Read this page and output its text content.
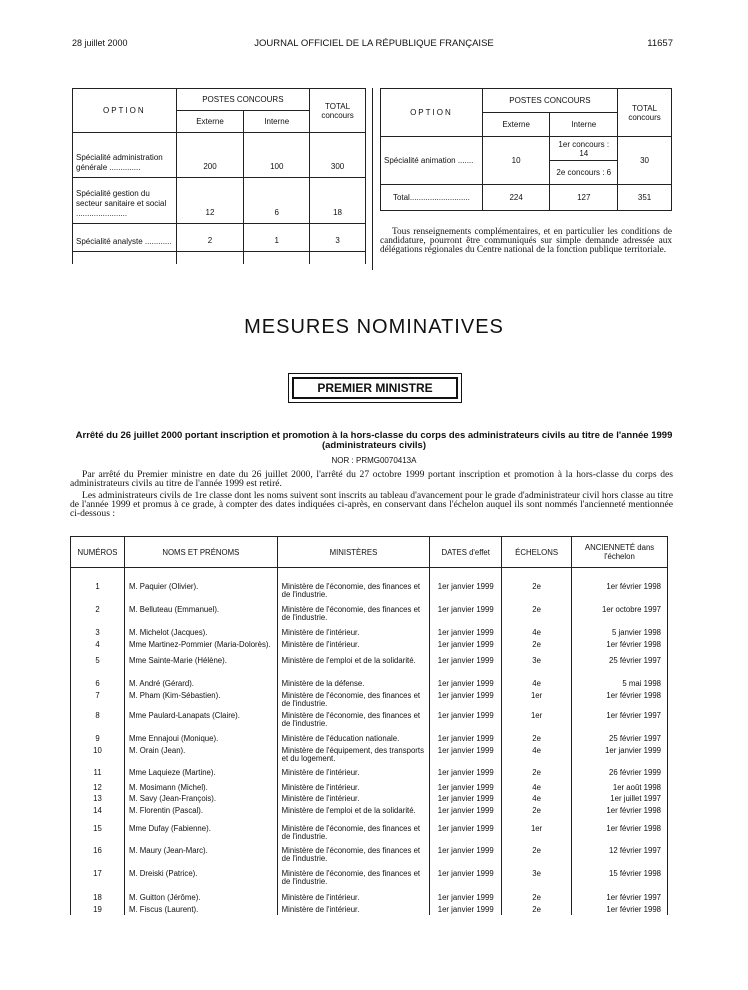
28 juillet 2000	JOURNAL OFFICIEL DE LA RÉPUBLIQUE FRANÇAISE	11657
OPTION	POSTES CONCOURS		TOTAL concours
	Externe	Interne	
Spécialité administration générale ..............	200	100	300
Spécialité gestion du secteur sanitaire et social .......................	12	6	18
Spécialité analyste ............	2	1	3

OPTION	POSTES CONCOURS		TOTAL concours
	Externe	Interne	
Spécialité animation .......	10	1er concours : 14	30
		2e concours : 6	
Total...........................	224	127	351

Tous renseignements complémentaires, et en particulier les conditions de candidature, pourront être communiqués sur simple demande adressée aux délégations régionales du Centre national de la fonction publique territoriale.

MESURES NOMINATIVES
PREMIER MINISTRE
Arrêté du 26 juillet 2000 portant inscription et promotion à la hors-classe du corps des administrateurs civils au titre de l'année 1999 (administrateurs civils)
NOR : PRMG0070413A

Par arrêté du Premier ministre en date du 26 juillet 2000, l'arrêté du 27 octobre 1999 portant inscription et promotion à la hors-classe du corps des administrateurs civils au titre de l'année 1999 est retiré.

Les administrateurs civils de 1re classe dont les noms suivent sont inscrits au tableau d'avancement pour le grade d'administrateur civil hors classe au titre de l'année 1999 et promus à ce grade, à compter des dates indiquées ci-après, en conservant dans l'échelon auquel ils sont nommés l'ancienneté mentionnée ci-dessous :

NUMÉROS	NOMS ET PRÉNOMS	MINISTÈRES	DATES d'effet	ÉCHELONS	ANCIENNETÉ dans l'échelon

1	M. Paquier (Olivier).	Ministère de l'économie, des finances et de l'industrie.	1er janvier 1999	2e	1er février 1998
2	M. Belluteau (Emmanuel).	Ministère de l'économie, des finances et de l'industrie.	1er janvier 1999	2e	1er octobre 1997
3	M. Michelot (Jacques).	Ministère de l'intérieur.	1er janvier 1999	4e	5 janvier 1998
4	Mme Martinez-Pommier (Maria-Dolorès).	Ministère de l'intérieur.	1er janvier 1999	2e	1er février 1998
5	Mme Sainte-Marie (Hélène).	Ministère de l'emploi et de la solidarité.	1er janvier 1999	3e	25 février 1997
6	M. André (Gérard).	Ministère de la défense.	1er janvier 1999	4e	5 mai 1998
7	M. Pham (Kim-Sébastien).	Ministère de l'économie, des finances et de l'industrie.	1er janvier 1999	1er	1er février 1998
8	Mme Paulard-Lanapats (Claire).	Ministère de l'économie, des finances et de l'industrie.	1er janvier 1999	1er	1er février 1997
9	Mme Ennajoui (Monique).	Ministère de l'éducation nationale.	1er janvier 1999	2e	25 février 1997
10	M. Orain (Jean).	Ministère de l'équipement, des transports et du logement.	1er janvier 1999	4e	1er janvier 1999
11	Mme Laquieze (Martine).	Ministère de l'intérieur.	1er janvier 1999	2e	26 février 1999
12	M. Mosimann (Michel).	Ministère de l'intérieur.	1er janvier 1999	4e	1er août 1998
13	M. Savy (Jean-François).	Ministère de l'intérieur.	1er janvier 1999	4e	1er juillet 1997
14	M. Florentin (Pascal).	Ministère de l'emploi et de la solidarité.	1er janvier 1999	2e	1er février 1998
15	Mme Dufay (Fabienne).	Ministère de l'économie, des finances et de l'industrie.	1er janvier 1999	1er	1er février 1998
16	M. Maury (Jean-Marc).	Ministère de l'économie, des finances et de l'industrie.	1er janvier 1999	2e	12 février 1997
17	M. Dreiski (Patrice).	Ministère de l'économie, des finances et de l'industrie.	1er janvier 1999	3e	15 février 1998
18	M. Guitton (Jérôme).	Ministère de l'intérieur.	1er janvier 1999	2e	1er février 1997
19	M. Fiscus (Laurent).	Ministère de l'intérieur.	1er janvier 1999	2e	1er février 1998
